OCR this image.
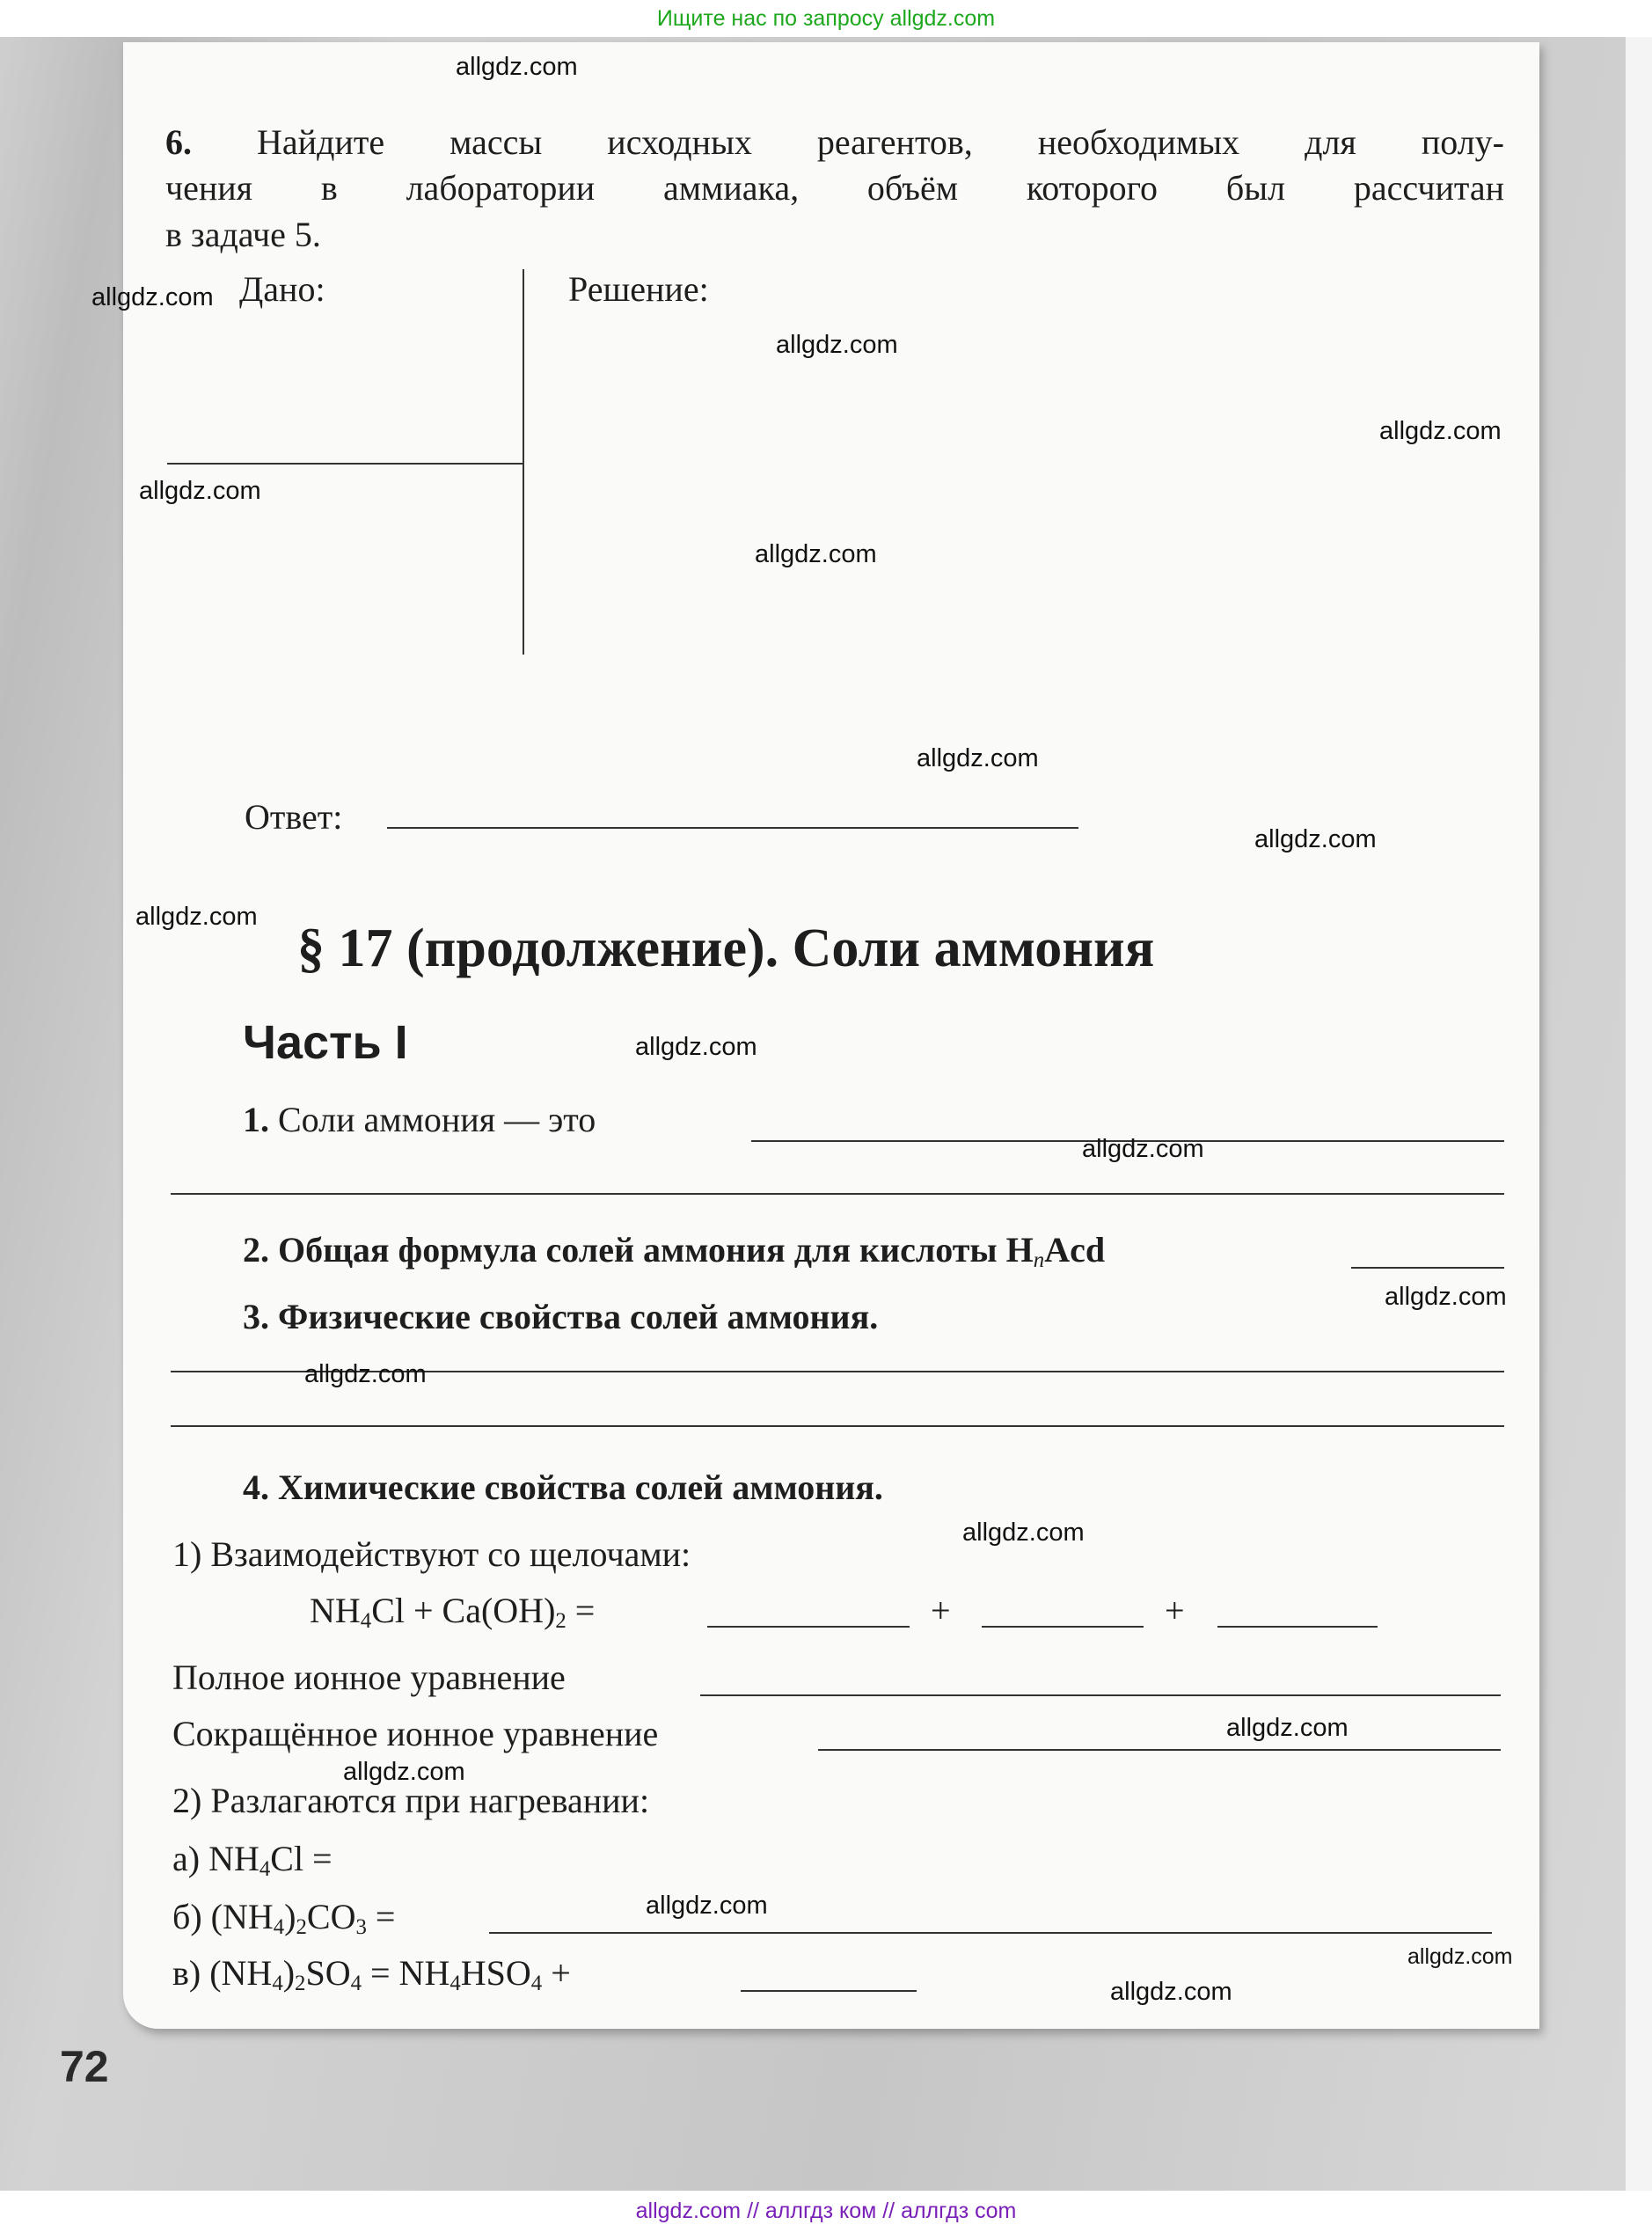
Ищите нас по запросу allgdz.com
6. Найдите массы исходных реагентов, необходимых для полу-
чения в лаборатории аммиака, объём которого был рассчитан
в задаче 5.
Дано:	Решение:
Ответ:
§ 17 (продолжение). Соли аммония
Часть I
1. Соли аммония — это
2. Общая формула солей аммония для кислоты $H_nAcd$
3. Физические свойства солей аммония.
4. Химические свойства солей аммония.
1) Взаимодействуют со щелочами:
$NH_4Cl + Ca(OH)_2$ =	+	+
Полное ионное уравнение
Сокращённое ионное уравнение
2) Разлагаются при нагревании:
а) $NH_4Cl$ =
б) $(NH_4)_2CO_3$ =
в) $(NH_4)_2SO_4 = NH_4HSO_4$ +
72
allgdz.com
allgdz.com
allgdz.com
allgdz.com
allgdz.com
allgdz.com
allgdz.com
allgdz.com
allgdz.com
allgdz.com
allgdz.com
allgdz.com
allgdz.com
allgdz.com
allgdz.com
allgdz.com
allgdz.com
allgdz.com
allgdz.com
allgdz.com // аллгдз ком // аллгдз com
